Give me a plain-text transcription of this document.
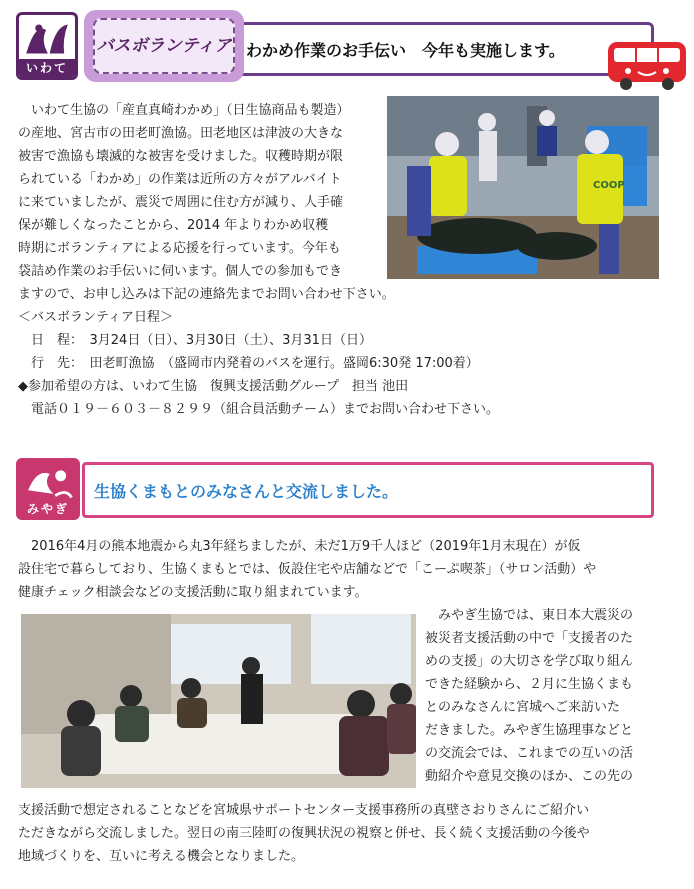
いわて
バスボランティア わかめ作業のお手伝い　今年も実施します。
　いわて生協の「産直真崎わかめ」（日生協商品も製造）
の産地、宮古市の田老町漁協。田老地区は津波の大きな
被害で漁協も壊滅的な被害を受けました。収穫時期が限
られている「わかめ」の作業は近所の方々がアルバイト
に来ていましたが、震災で周囲に住む方が減り、人手確
保が難しくなったことから、2014 年よりわかめ収穫
時期にボランティアによる応援を行っています。今年も
袋詰め作業のお手伝いに伺います。個人での参加もでき
ますので、お申し込みは下記の連絡先までお問い合わせ下さい。
＜バスボランティア日程＞
　日　程：　3月24日（日）、3月30日（土）、3月31日（日）
　行　先：　田老町漁協　（盛岡市内発着のバスを運行。盛岡6:30発 17:00着）
◆参加希望の方は、いわて生協　復興支援活動グループ　担当 池田
　電話０１９－６０３－８２９９（組合員活動チーム）までお問い合わせ下さい。
COOP
みやぎ
生協くまもとのみなさんと交流しました。
　2016年4月の熊本地震から丸3年経ちましたが、未だ1万9千人ほど（2019年1月末現在）が仮
設住宅で暮らしており、生協くまもとでは、仮設住宅や店舗などで「こーぷ喫茶」（サロン活動）や
健康チェック相談会などの支援活動に取り組まれています。
　みやぎ生協では、東日本大震災の
被災者支援活動の中で「支援者のた
めの支援」の大切さを学び取り組ん
できた経験から、２月に生協くまも
とのみなさんに宮城へご来訪いた
だきました。みやぎ生協理事などと
の交流会では、これまでの互いの活
動紹介や意見交換のほか、この先の
支援活動で想定されることなどを宮城県サポートセンター支援事務所の真壁さおりさんにご紹介い
ただきながら交流しました。翌日の南三陸町の復興状況の視察と併せ、長く続く支援活動の今後や
地域づくりを、互いに考える機会となりました。
